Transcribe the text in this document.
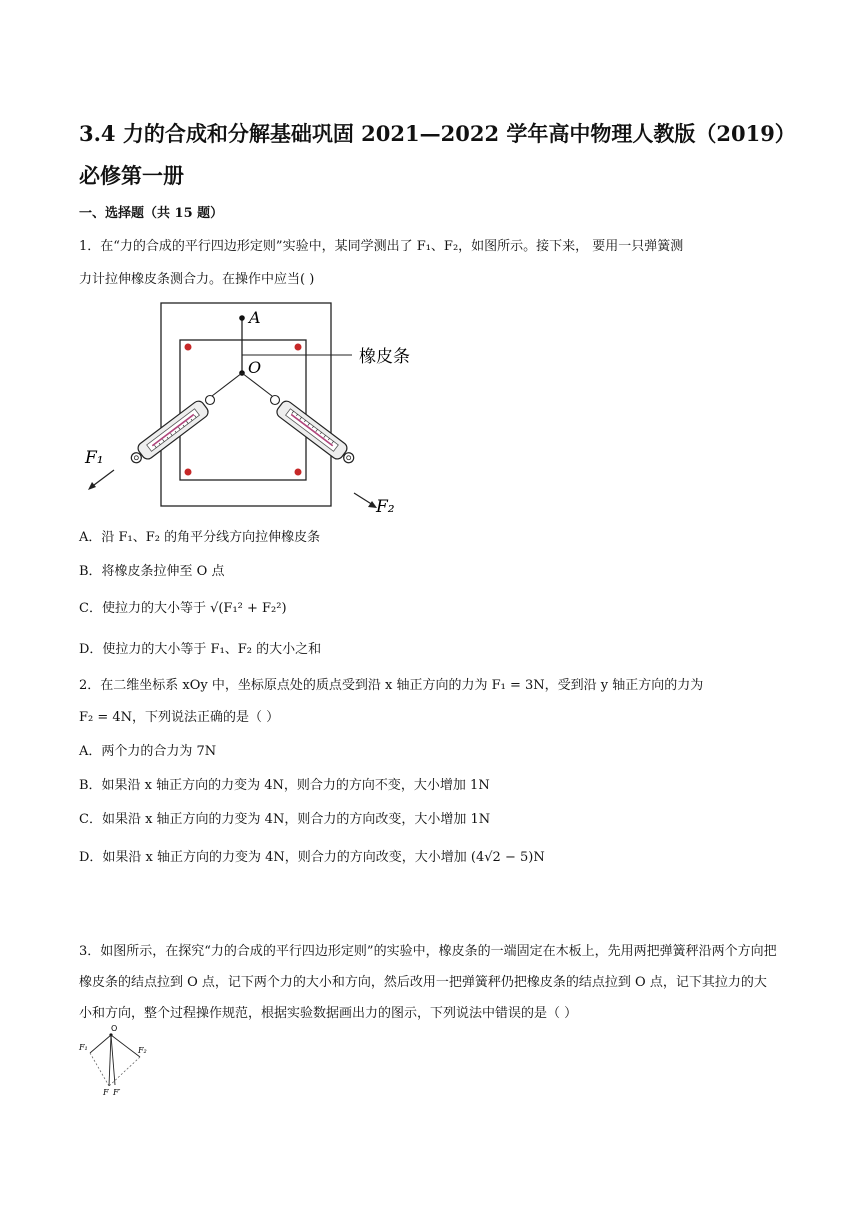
3.4 力的合成和分解基础巩固 2021—2022 学年高中物理人教版（2019）
必修第一册
一、选择题（共 15 题）
1．在“力的合成的平行四边形定则”实验中，某同学测出了 F₁、F₂，如图所示。接下来， 要用一只弹簧测
力计拉伸橡皮条测合力。在操作中应当( )
A
O
橡皮条
F₁
F₂
A．沿 F₁、F₂ 的角平分线方向拉伸橡皮条
B．将橡皮条拉伸至 O 点
C．使拉力的大小等于 √(F₁² + F₂²)
D．使拉力的大小等于 F₁、F₂ 的大小之和
2．在二维坐标系 xOy 中，坐标原点处的质点受到沿 x 轴正方向的力为 F₁ = 3N，受到沿 y 轴正方向的力为
F₂ = 4N，下列说法正确的是（ ）
A．两个力的合力为 7N
B．如果沿 x 轴正方向的力变为 4N，则合力的方向不变，大小增加 1N
C．如果沿 x 轴正方向的力变为 4N，则合力的方向改变，大小增加 1N
D．如果沿 x 轴正方向的力变为 4N，则合力的方向改变，大小增加 (4√2 − 5)N
3．如图所示，在探究“力的合成的平行四边形定则”的实验中，橡皮条的一端固定在木板上，先用两把弹簧秤沿两个方向把橡皮条的结点拉到 O 点，记下两个力的大小和方向，然后改用一把弹簧秤仍把橡皮条的结点拉到 O 点，记下其拉力的大小和方向，整个过程操作规范，根据实验数据画出力的图示，下列说法中错误的是（ ）
O
F₁	F₂
F F′
